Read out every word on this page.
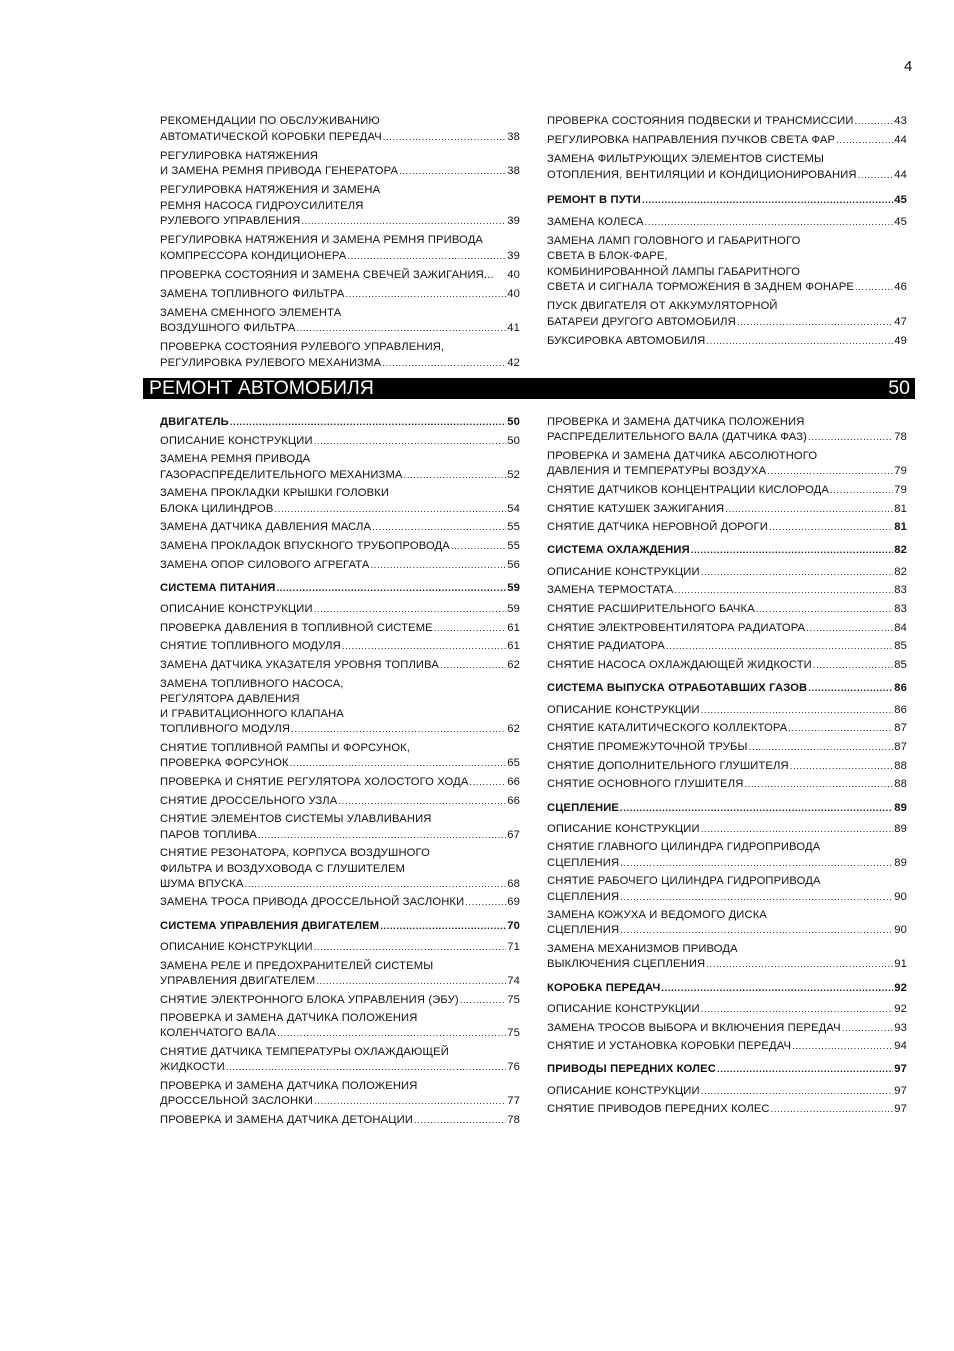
4
РЕКОМЕНДАЦИИ ПО ОБСЛУЖИВАНИЮ
АВТОМАТИЧЕСКОЙ КОРОБКИ ПЕРЕДАЧ .....	38
РЕГУЛИРОВКА НАТЯЖЕНИЯ
И ЗАМЕНА РЕМНЯ ПРИВОДА ГЕНЕРАТОРА .....	38
РЕГУЛИРОВКА НАТЯЖЕНИЯ И ЗАМЕНА
РЕМНЯ НАСОСА ГИДРОУСИЛИТЕЛЯ
РУЛЕВОГО УПРАВЛЕНИЯ .....	39
РЕГУЛИРОВКА НАТЯЖЕНИЯ И ЗАМЕНА РЕМНЯ ПРИВОДА
КОМПРЕССОРА КОНДИЦИОНЕРА .....	39
ПРОВЕРКА СОСТОЯНИЯ И ЗАМЕНА СВЕЧЕЙ ЗАЖИГАНИЯ... 40
ЗАМЕНА ТОПЛИВНОГО ФИЛЬТРА .....	40
ЗАМЕНА СМЕННОГО ЭЛЕМЕНТА
ВОЗДУШНОГО ФИЛЬТРА .....	41
ПРОВЕРКА СОСТОЯНИЯ РУЛЕВОГО УПРАВЛЕНИЯ,
РЕГУЛИРОВКА РУЛЕВОГО МЕХАНИЗМА .....	42
ПРОВЕРКА СОСТОЯНИЯ ПОДВЕСКИ И ТРАНСМИССИИ .....	43
РЕГУЛИРОВКА НАПРАВЛЕНИЯ ПУЧКОВ СВЕТА ФАР .....	44
ЗАМЕНА ФИЛЬТРУЮЩИХ ЭЛЕМЕНТОВ СИСТЕМЫ
ОТОПЛЕНИЯ, ВЕНТИЛЯЦИИ И КОНДИЦИОНИРОВАНИЯ .....	44
РЕМОНТ В ПУТИ .....	45
ЗАМЕНА КОЛЕСА .....	45
ЗАМЕНА ЛАМП ГОЛОВНОГО И ГАБАРИТНОГО
СВЕТА В БЛОК-ФАРЕ,
КОМБИНИРОВАННОЙ ЛАМПЫ ГАБАРИТНОГО
СВЕТА И СИГНАЛА ТОРМОЖЕНИЯ В ЗАДНЕМ ФОНАРЕ .....	46
ПУСК ДВИГАТЕЛЯ ОТ АККУМУЛЯТОРНОЙ
БАТАРЕИ ДРУГОГО АВТОМОБИЛЯ .....	47
БУКСИРОВКА АВТОМОБИЛЯ .....	49
РЕМОНТ АВТОМОБИЛЯ	50
ДВИГАТЕЛЬ .....	50
ОПИСАНИЕ КОНСТРУКЦИИ .....	50
ЗАМЕНА РЕМНЯ ПРИВОДА
ГАЗОРАСПРЕДЕЛИТЕЛЬНОГО МЕХАНИЗМА .....	52
ЗАМЕНА ПРОКЛАДКИ КРЫШКИ ГОЛОВКИ
БЛОКА ЦИЛИНДРОВ .....	54
ЗАМЕНА ДАТЧИКА ДАВЛЕНИЯ МАСЛА .....	55
ЗАМЕНА ПРОКЛАДОК ВПУСКНОГО ТРУБОПРОВОДА .....	55
ЗАМЕНА ОПОР СИЛОВОГО АГРЕГАТА .....	56
СИСТЕМА ПИТАНИЯ .....	59
ОПИСАНИЕ КОНСТРУКЦИИ .....	59
ПРОВЕРКА ДАВЛЕНИЯ В ТОПЛИВНОЙ СИСТЕМЕ .....	61
СНЯТИЕ ТОПЛИВНОГО МОДУЛЯ .....	61
ЗАМЕНА ДАТЧИКА УКАЗАТЕЛЯ УРОВНЯ ТОПЛИВА .....	62
ЗАМЕНА ТОПЛИВНОГО НАСОСА,
РЕГУЛЯТОРА ДАВЛЕНИЯ
И ГРАВИТАЦИОННОГО КЛАПАНА
ТОПЛИВНОГО МОДУЛЯ .....	62
СНЯТИЕ ТОПЛИВНОЙ РАМПЫ И ФОРСУНОК,
ПРОВЕРКА ФОРСУНОК .....	65
ПРОВЕРКА И СНЯТИЕ РЕГУЛЯТОРА ХОЛОСТОГО ХОДА .....	66
СНЯТИЕ ДРОССЕЛЬНОГО УЗЛА .....	66
СНЯТИЕ ЭЛЕМЕНТОВ СИСТЕМЫ УЛАВЛИВАНИЯ
ПАРОВ ТОПЛИВА .....	67
СНЯТИЕ РЕЗОНАТОРА, КОРПУСА ВОЗДУШНОГО
ФИЛЬТРА И ВОЗДУХОВОДА С ГЛУШИТЕЛЕМ
ШУМА ВПУСКА .....	68
ЗАМЕНА ТРОСА ПРИВОДА ДРОССЕЛЬНОЙ ЗАСЛОНКИ .....	69
СИСТЕМА УПРАВЛЕНИЯ ДВИГАТЕЛЕМ .....	70
ОПИСАНИЕ КОНСТРУКЦИИ .....	71
ЗАМЕНА РЕЛЕ И ПРЕДОХРАНИТЕЛЕЙ СИСТЕМЫ
УПРАВЛЕНИЯ ДВИГАТЕЛЕМ .....	74
СНЯТИЕ ЭЛЕКТРОННОГО БЛОКА УПРАВЛЕНИЯ (ЭБУ) .....	75
ПРОВЕРКА И ЗАМЕНА ДАТЧИКА ПОЛОЖЕНИЯ
КОЛЕНЧАТОГО ВАЛА .....	75
СНЯТИЕ ДАТЧИКА ТЕМПЕРАТУРЫ ОХЛАЖДАЮЩЕЙ
ЖИДКОСТИ .....	76
ПРОВЕРКА И ЗАМЕНА ДАТЧИКА ПОЛОЖЕНИЯ
ДРОССЕЛЬНОЙ ЗАСЛОНКИ .....	77
ПРОВЕРКА И ЗАМЕНА ДАТЧИКА ДЕТОНАЦИИ .....	78
ПРОВЕРКА И ЗАМЕНА ДАТЧИКА ПОЛОЖЕНИЯ
РАСПРЕДЕЛИТЕЛЬНОГО ВАЛА (ДАТЧИКА ФАЗ) .....	78
ПРОВЕРКА И ЗАМЕНА ДАТЧИКА АБСОЛЮТНОГО
ДАВЛЕНИЯ И ТЕМПЕРАТУРЫ ВОЗДУХА .....	79
СНЯТИЕ ДАТЧИКОВ КОНЦЕНТРАЦИИ КИСЛОРОДА .....	79
СНЯТИЕ КАТУШЕК ЗАЖИГАНИЯ .....	81
СНЯТИЕ ДАТЧИКА НЕРОВНОЙ ДОРОГИ .....	81
СИСТЕМА ОХЛАЖДЕНИЯ .....	82
ОПИСАНИЕ КОНСТРУКЦИИ .....	82
ЗАМЕНА ТЕРМОСТАТА .....	83
СНЯТИЕ РАСШИРИТЕЛЬНОГО БАЧКА .....	83
СНЯТИЕ ЭЛЕКТРОВЕНТИЛЯТОРА РАДИАТОРА .....	84
СНЯТИЕ РАДИАТОРА .....	85
СНЯТИЕ НАСОСА ОХЛАЖДАЮЩЕЙ ЖИДКОСТИ .....	85
СИСТЕМА ВЫПУСКА ОТРАБОТАВШИХ ГАЗОВ .....	86
ОПИСАНИЕ КОНСТРУКЦИИ .....	86
СНЯТИЕ КАТАЛИТИЧЕСКОГО КОЛЛЕКТОРА .....	87
СНЯТИЕ ПРОМЕЖУТОЧНОЙ ТРУБЫ .....	87
СНЯТИЕ ДОПОЛНИТЕЛЬНОГО ГЛУШИТЕЛЯ .....	88
СНЯТИЕ ОСНОВНОГО ГЛУШИТЕЛЯ .....	88
СЦЕПЛЕНИЕ .....	89
ОПИСАНИЕ КОНСТРУКЦИИ .....	89
СНЯТИЕ ГЛАВНОГО ЦИЛИНДРА ГИДРОПРИВОДА
СЦЕПЛЕНИЯ .....	89
СНЯТИЕ РАБОЧЕГО ЦИЛИНДРА ГИДРОПРИВОДА
СЦЕПЛЕНИЯ .....	90
ЗАМЕНА КОЖУХА И ВЕДОМОГО ДИСКА
СЦЕПЛЕНИЯ .....	90
ЗАМЕНА МЕХАНИЗМОВ ПРИВОДА
ВЫКЛЮЧЕНИЯ СЦЕПЛЕНИЯ .....	91
КОРОБКА ПЕРЕДАЧ .....	92
ОПИСАНИЕ КОНСТРУКЦИИ .....	92
ЗАМЕНА ТРОСОВ ВЫБОРА И ВКЛЮЧЕНИЯ ПЕРЕДАЧ .....	93
СНЯТИЕ И УСТАНОВКА КОРОБКИ ПЕРЕДАЧ .....	94
ПРИВОДЫ ПЕРЕДНИХ КОЛЕС .....	97
ОПИСАНИЕ КОНСТРУКЦИИ .....	97
СНЯТИЕ ПРИВОДОВ ПЕРЕДНИХ КОЛЕС .....	97
